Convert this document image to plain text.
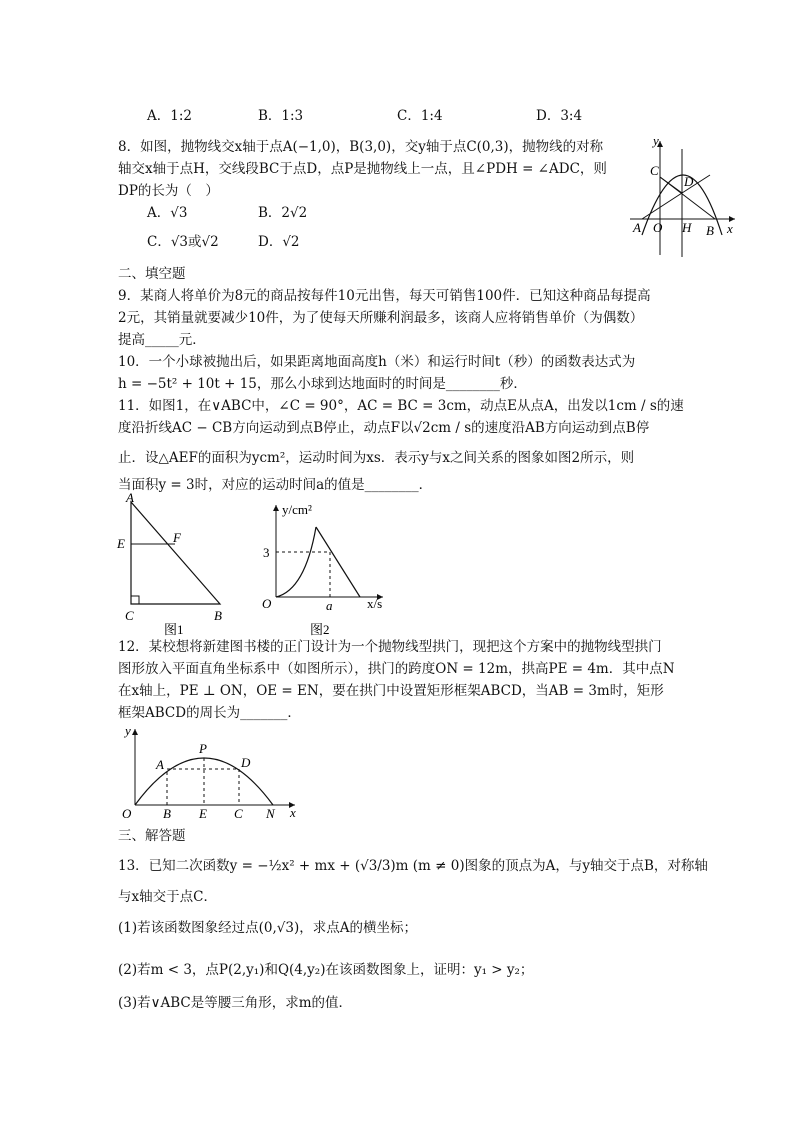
A．1:2	B．1:3	C．1:4	D．3:4
8．如图，抛物线交x轴于点A(−1,0)，B(3,0)，交y轴于点C(0,3)，抛物线的对称
轴交x轴于点H，交线段BC于点D，点P是抛物线上一点，且∠PDH = ∠ADC，则
DP的长为（　）
A．√3	B．2√2
C．√3或√2	D．√2
y
x
C
D
A O H B
二、填空题
9．某商人将单价为8元的商品按每件10元出售，每天可销售100件．已知这种商品每提高
2元，其销量就要减少10件，为了使每天所赚利润最多，该商人应将销售单价（为偶数）
提高_____元．
10．一个小球被抛出后，如果距离地面高度h（米）和运行时间t（秒）的函数表达式为
h = −5t² + 10t + 15，那么小球到达地面时的时间是________秒．
11．如图1，在∨ABC中，∠C = 90°，AC = BC = 3cm，动点E从点A，出发以1cm / s的速
度沿折线AC − CB方向运动到点B停止，动点F以√2cm / s的速度沿AB方向运动到点B停
止．设△AEF的面积为ycm²，运动时间为xs．表示y与x之间关系的图象如图2所示，则
当面积y = 3时，对应的运动时间a的值是________．
A
E	F
C	B
图1
y/cm²
3
O	a	x/s
图2
12．某校想将新建图书楼的正门设计为一个抛物线型拱门，现把这个方案中的抛物线型拱门
图形放入平面直角坐标系中（如图所示），拱门的跨度ON = 12m，拱高PE = 4m．其中点N
在x轴上，PE ⊥ ON，OE = EN，要在拱门中设置矩形框架ABCD，当AB = 3m时，矩形
框架ABCD的周长为_______．
y
P
A	D
O B E C N x
三、解答题
13．已知二次函数y = −½x² + mx + (√3/3)m (m ≠ 0)图象的顶点为A，与y轴交于点B，对称轴
与x轴交于点C．
(1)若该函数图象经过点(0,√3)，求点A的横坐标；
(2)若m < 3，点P(2,y₁)和Q(4,y₂)在该函数图象上，证明：y₁ > y₂；
(3)若∨ABC是等腰三角形，求m的值．
